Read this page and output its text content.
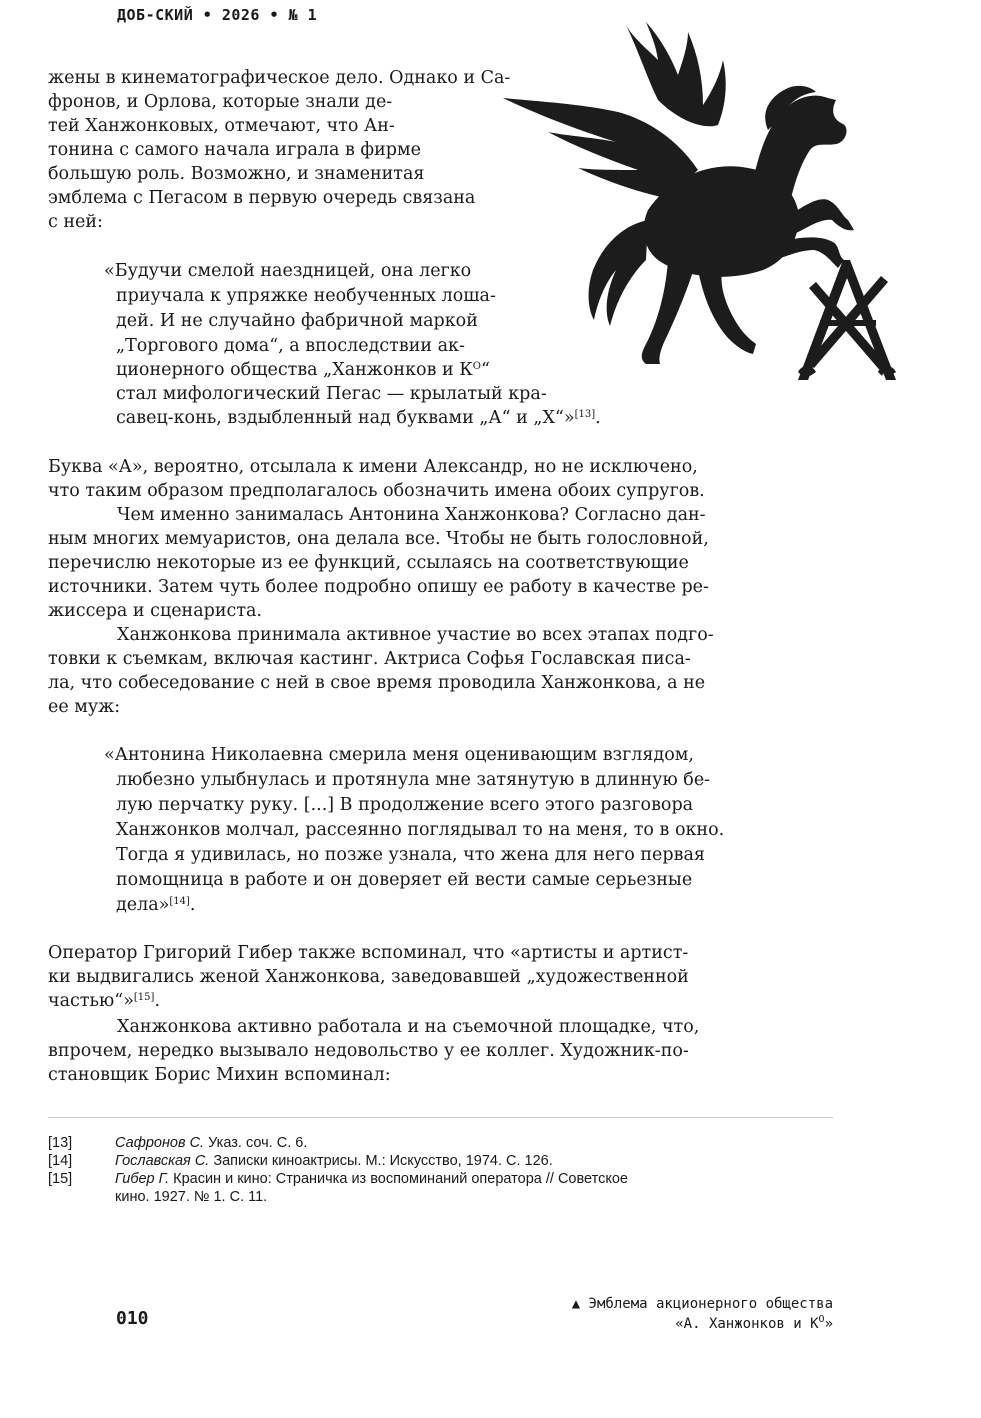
ДОБ-СКИЙ • 2026 • № 1
жены в кинематографическое дело. Однако и Са-
фронов, и Орлова, которые знали де-
тей Ханжонковых, отмечают, что Ан-
тонина с самого начала играла в фирме
большую роль. Возможно, и знаменитая
эмблема с Пегасом в первую очередь связана
с ней:
«Будучи смелой наездницей, она легко
приучала к упряжке необученных лоша-
дей. И не случайно фабричной маркой
„Торгового дома“, а впоследствии ак-
ционерного общества „Ханжонков и $К^О“$
стал мифологический Пегас — крылатый кра-
савец-конь, вздыбленный над буквами „А“ и „Х“»[13].
Буква «А», вероятно, отсылала к имени Александр, но не исключено,
что таким образом предполагалось обозначить имена обоих супругов.
Чем именно занималась Антонина Ханжонкова? Согласно дан-
ным многих мемуаристов, она делала все. Чтобы не быть голословной,
перечислю некоторые из ее функций, ссылаясь на соответствующие
источники. Затем чуть более подробно опишу ее работу в качестве ре-
жиссера и сценариста.
Ханжонкова принимала активное участие во всех этапах подго-
товки к съемкам, включая кастинг. Актриса Софья Гославская писа-
ла, что собеседование с ней в свое время проводила Ханжонкова, а не
ее муж:
«Антонина Николаевна смерила меня оценивающим взглядом,
любезно улыбнулась и протянула мне затянутую в длинную бе-
лую перчатку руку. [...] В продолжение всего этого разговора
Ханжонков молчал, рассеянно поглядывал то на меня, то в окно.
Тогда я удивилась, но позже узнала, что жена для него первая
помощница в работе и он доверяет ей вести самые серьезные
дела»[14].
Оператор Григорий Гибер также вспоминал, что «артисты и артист-
ки выдвигались женой Ханжонкова, заведовавшей „художественной
частью“»[15].
Ханжонкова активно работала и на съемочной площадке, что,
впрочем, нередко вызывало недовольство у ее коллег. Художник-по-
становщик Борис Михин вспоминал:
[13]	Сафронов С. Указ. соч. С. 6.
[14]	Гославская С. Записки киноактрисы. М.: Искусство, 1974. С. 126.
[15]	Гибер Г. Красин и кино: Страничка из воспоминаний оператора // Советское
кино. 1927. № 1. С. 11.
010
▲ Эмблема акционерного общества
«А. Ханжонков и $К^О$»
